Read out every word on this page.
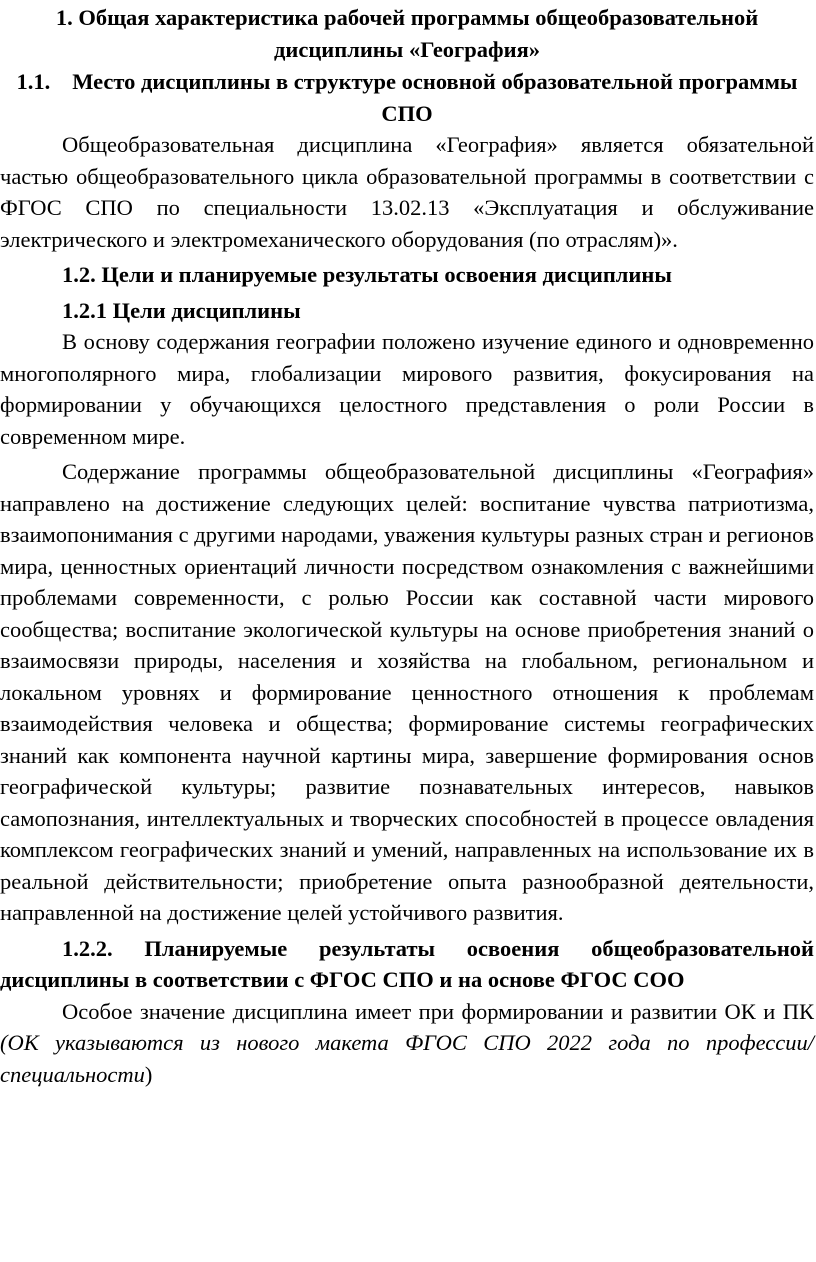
1. Общая характеристика рабочей программы общеобразовательной дисциплины «География»

1.1. Место дисциплины в структуре основной образовательной программы СПО

Общеобразовательная дисциплина «География» является обязательной частью общеобразовательного цикла образовательной программы в соответствии с ФГОС СПО по специальности 13.02.13 «Эксплуатация и обслуживание электрического и электромеханического оборудования (по отраслям)».

1.2. Цели и планируемые результаты освоения дисциплины

1.2.1 Цели дисциплины

В основу содержания географии положено изучение единого и одновременно многополярного мира, глобализации мирового развития, фокусирования на формировании у обучающихся целостного представления о роли России в современном мире.

Содержание программы общеобразовательной дисциплины «География» направлено на достижение следующих целей: воспитание чувства патриотизма, взаимопонимания с другими народами, уважения культуры разных стран и регионов мира, ценностных ориентаций личности посредством ознакомления с важнейшими проблемами современности, с ролью России как составной части мирового сообщества; воспитание экологической культуры на основе приобретения знаний о взаимосвязи природы, населения и хозяйства на глобальном, региональном и локальном уровнях и формирование ценностного отношения к проблемам взаимодействия человека и общества; формирование системы географических знаний как компонента научной картины мира, завершение формирования основ географической культуры; развитие познавательных интересов, навыков самопознания, интеллектуальных и творческих способностей в процессе овладения комплексом географических знаний и умений, направленных на использование их в реальной действительности; приобретение опыта разнообразной деятельности, направленной на достижение целей устойчивого развития.

1.2.2. Планируемые результаты освоения общеобразовательной дисциплины в соответствии с ФГОС СПО и на основе ФГОС СОО

Особое значение дисциплина имеет при формировании и развитии ОК и ПК (ОК указываются из нового макета ФГОС СПО 2022 года по профессии/специальности)
